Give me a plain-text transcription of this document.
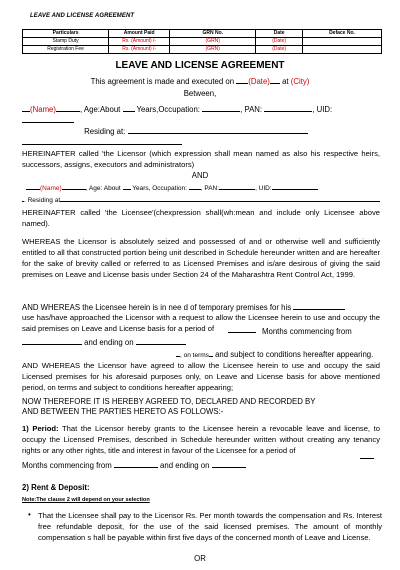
LEAVE AND LICENSE AGREEMENT
Particulars	Amount Paid	GRN No.	Date	Deface No.
Stamp Duty	Rs. (Amount) /-	(GRN)	(Date)	
Registration Fee	Rs. (Amount) /-	(GRN)	(Date)	
LEAVE AND LICENSE AGREEMENT
This agreement is made and executed on (Date) at (City)
Between,
(Name)	, Age:About Years,Occupation:	, PAN:	, UID:
Residing at:
HEREINAFTER called 'the Licensor (which expression shall mean named as also his respective heirs, successors, assigns, executors and administrators)
AND
(Name)	, Age: About Years, Occupation: , PAN:	, UID:
. Residing at
HEREINAFTER called 'the Licensee'(chexpression shall(wh:mean and include only Licensee above named).
WHEREAS the Licensor is absolutely seized and possessed of and or otherwise well and sufficiently entitled to all that constructed portion being unit described in Schedule hereunder written and are hereafter for the sake of brevity called or referred to as Licensed Premises and is/are desirous of giving the said premises on Leave and License basis under Section 24 of the Maharashtra Rent Control Act, 1999.
AND WHEREAS the Licensee herein is in nee d of temporary premises for his
use has/have approached the Licensor with a request to allow the Licensee herein to use and occupy the said premises on Leave and License basis for a period of	Months commencing from
and ending on
, on terms and subject to conditions hereafter appearing.
AND WHEREAS the Licensor have agreed to allow the Licensee herein to use and occupy the said Licensed premises for his aforesaid purposes only, on Leave and License basis for above mentioned period, on terms and subject to conditions hereafter appearing;
NOW THEREFORE IT IS HEREBY AGREED TO, DECLARED AND RECORDED BY
AND BETWEEN THE PARTIES HERETO AS FOLLOWS:-
1) Period: That the Licensor hereby grants to the Licensee herein a revocable leave and license, to occupy the Licensed Premises, described in Schedule hereunder written without creating any tenancy rights or any other rights, title and interest in favour of the Licensee for a period of
Months commencing from	and ending on
2) Rent & Deposit:
Note:The clause 2 will depend on your selection
• That the Licensee shall pay to the Licensor Rs. Per month towards the compensation and Rs. Interest free refundable deposit, for the use of the said licensed premises. The amount of monthly compensation s hall be payable within first five days of the concerned month of Leave and License.
OR
